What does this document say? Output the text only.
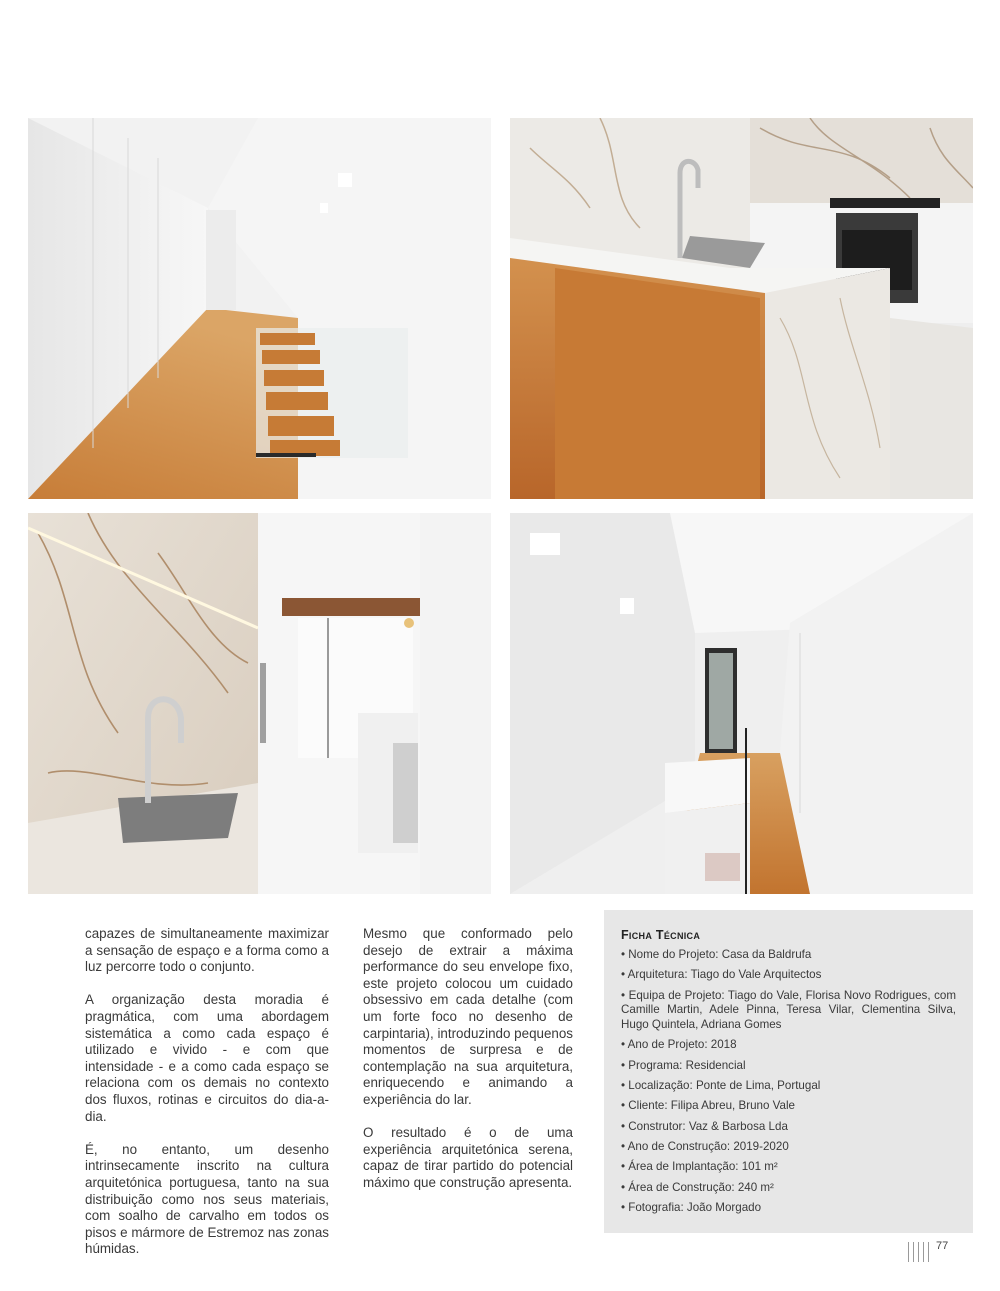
capazes de simultaneamente maximizar a sensação de espaço e a forma como a luz percorre todo o conjunto.

A organização desta moradia é pragmática, com uma abordagem sistemática a como cada espaço é utilizado e vivido - e com que intensidade - e a como cada espaço se relaciona com os demais no contexto dos fluxos, rotinas e circuitos do dia-a-dia.

É, no entanto, um desenho intrinsecamente inscrito na cultura arquitetónica portuguesa, tanto na sua distribuição como nos seus materiais, com soalho de carvalho em todos os pisos e mármore de Estremoz nas zonas húmidas.

Mesmo que conformado pelo desejo de extrair a máxima performance do seu envelope fixo, este projeto colocou um cuidado obsessivo em cada detalhe (com um forte foco no desenho de carpintaria), introduzindo pequenos momentos de surpresa e de contemplação na sua arquitetura, enriquecendo e animando a experiência do lar.

O resultado é o de uma experiência arquitetónica serena, capaz de tirar partido do potencial máximo que construção apresenta.

Ficha Técnica
• Nome do Projeto: Casa da Baldrufa
• Arquitetura: Tiago do Vale Arquitectos
• Equipa de Projeto: Tiago do Vale, Florisa Novo Rodrigues, com Camille Martin, Adele Pinna, Teresa Vilar, Clementina Silva, Hugo Quintela, Adriana Gomes
• Ano de Projeto: 2018
• Programa: Residencial
• Localização: Ponte de Lima, Portugal
• Cliente: Filipa Abreu, Bruno Vale
• Construtor: Vaz & Barbosa Lda
• Ano de Construção: 2019-2020
• Área de Implantação: 101 m²
• Área de Construção: 240 m²
• Fotografia: João Morgado
77
